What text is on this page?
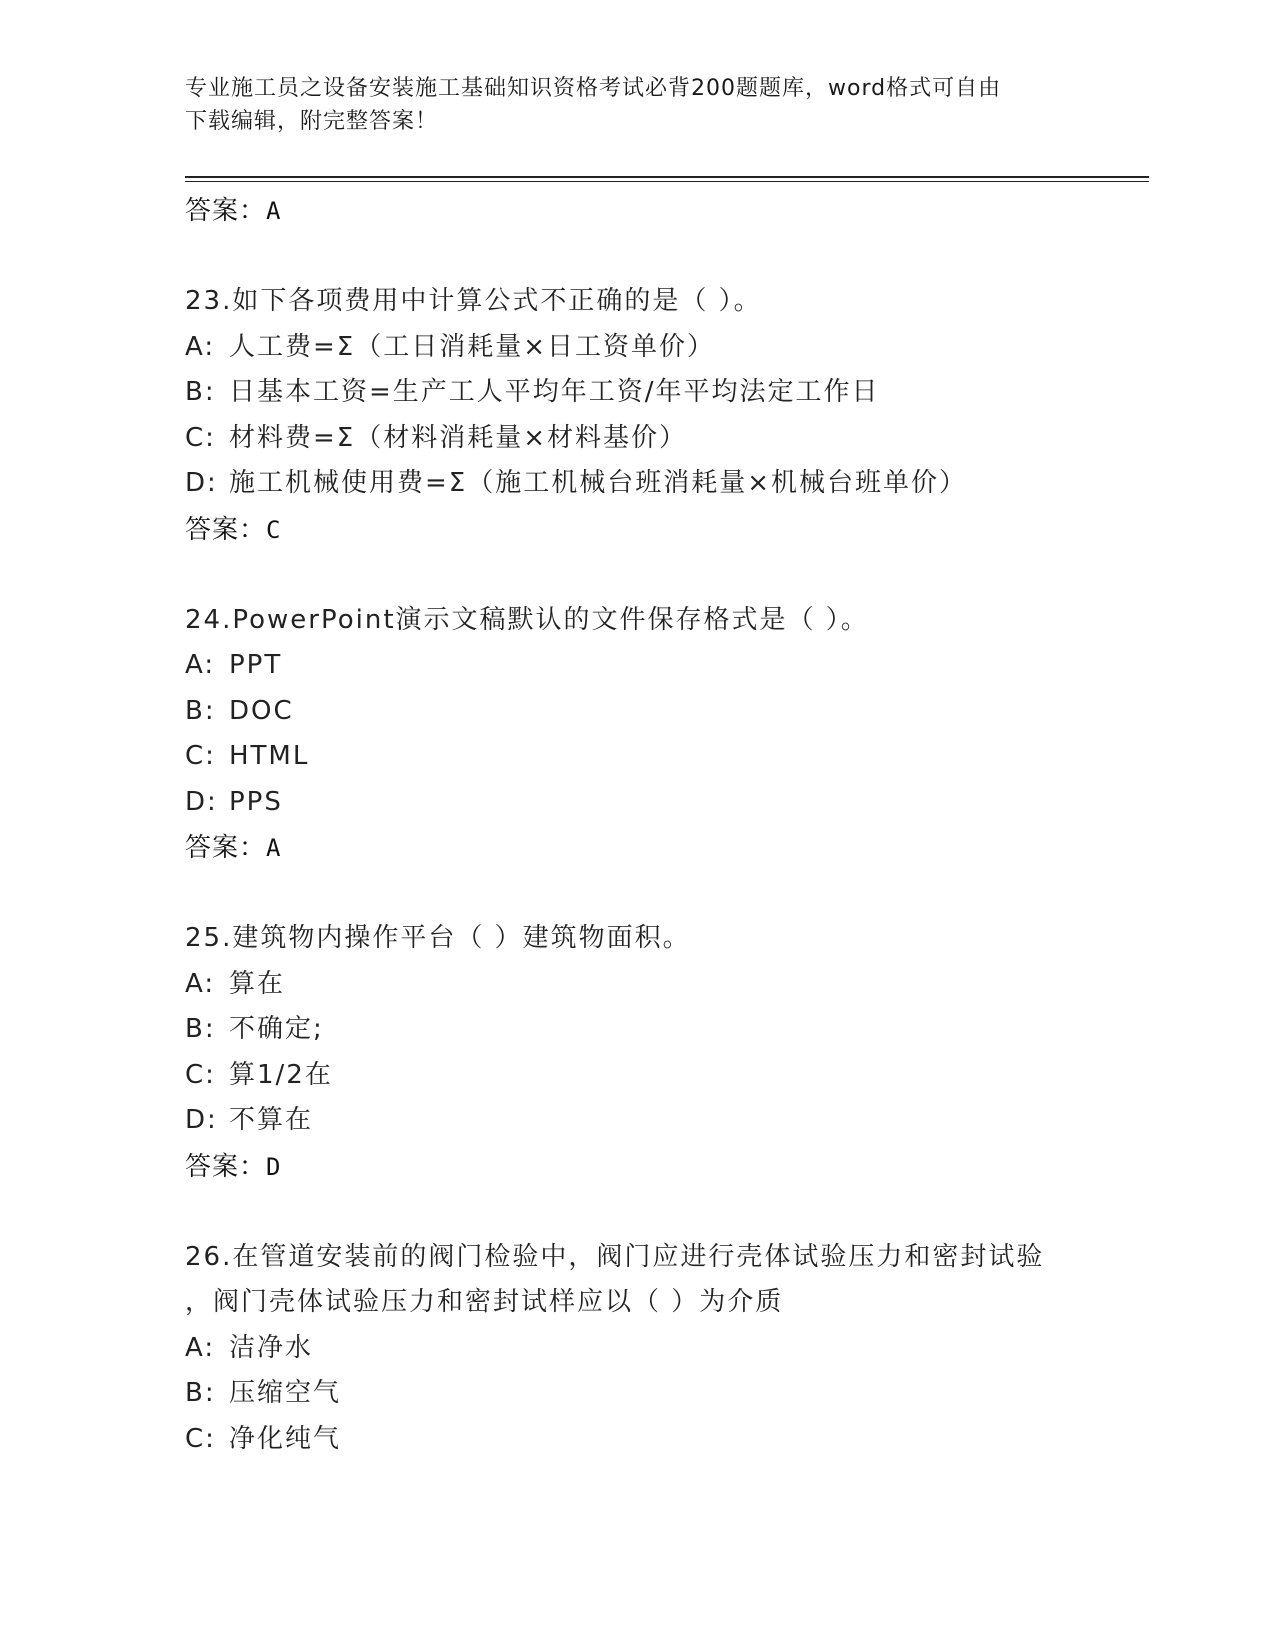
专业施工员之设备安装施工基础知识资格考试必背200题题库，word格式可自由
下载编辑，附完整答案！
答案：A
23.如下各项费用中计算公式不正确的是（ ）。
A: 人工费=Σ（工日消耗量×日工资单价）
B: 日基本工资=生产工人平均年工资/年平均法定工作日
C: 材料费=Σ（材料消耗量×材料基价）
D: 施工机械使用费=Σ（施工机械台班消耗量×机械台班单价）
答案：C
24.PowerPoint演示文稿默认的文件保存格式是（ ）。
A: PPT
B: DOC
C: HTML
D: PPS
答案：A
25.建筑物内操作平台（ ）建筑物面积。
A: 算在
B: 不确定;
C: 算1/2在
D: 不算在
答案：D
26.在管道安装前的阀门检验中，阀门应进行壳体试验压力和密封试验
，阀门壳体试验压力和密封试样应以（ ）为介质
A: 洁净水
B: 压缩空气
C: 净化纯气
